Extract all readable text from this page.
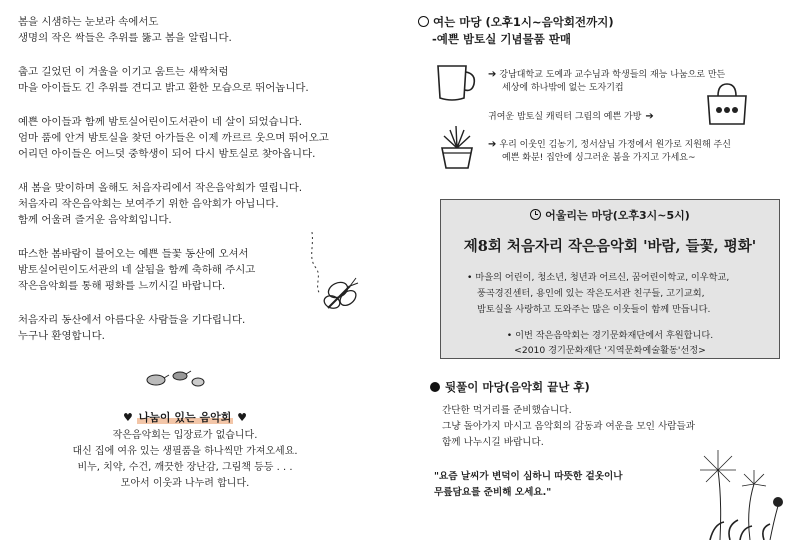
봄을 시샘하는 눈보라 속에서도
생명의 작은 싹들은 추위를 뚫고 봄을 알립니다.

춥고 길었던 이 겨울을 이기고 움트는 새싹처럼
마을 아이들도 긴 추위를 견디고 밝고 환한 모습으로 뛰어놉니다.

예쁜 아이들과 함께 밤토실어린이도서관이 네 살이 되었습니다.
엄마 품에 안겨 밤토실을 찾던 아가들은 이제 까르르 웃으며 뛰어오고
어리던 아이들은 어느덧 중학생이 되어 다시 밤토실로 찾아옵니다.

새 봄을 맞이하며 올해도 처음자리에서 작은음악회가 열립니다.
처음자리 작은음악회는 보여주기 위한 음악회가 아닙니다.
함께 어울려 즐거운 음악회입니다.

따스한 봄바람이 불어오는 예쁜 들꽃 동산에 오셔서
밤토실어린이도서관의 네 살됨을 함께 축하해 주시고
작은음악회를 통해 평화를 느끼시길 바랍니다.

처음자리 동산에서 아름다운 사람들을 기다립니다.
누구나 환영합니다.

♥ 나눔이 있는 음악회 ♥
작은음악회는 입장료가 없습니다.
대신 집에 여유 있는 생필품을 하나씩만 가져오세요.
비누, 치약, 수건, 깨끗한 장난감, 그림책 등등 . . .
모아서 이웃과 나누려 합니다.
여는 마당 (오후1시~음악회전까지)
-예쁜 밤토실 기념물품 판매
➔ 강남대학교 도예과 교수님과 학생들의 재능 나눔으로 만든
세상에 하나밖에 없는 도자기컵
귀여운 밤토실 캐릭터 그림의 예쁜 가방 ➔
➔ 우리 이웃인 김농기, 정서삼님 가정에서 원가로 지원해 주신
예쁜 화분! 집안에 싱그러운 봄을 가지고 가세요~
어울리는 마당(오후3시~5시)
제8회 처음자리 작은음악회 '바람, 들꽃, 평화'
• 마을의 어린이, 청소년, 청년과 어르신, 꿈어린이학교, 이우학교,
풍곡경진센터, 용인에 있는 작은도서관 친구들, 고기교회,
밤토실을 사랑하고 도와주는 많은 이웃들이 함께 만듭니다.
• 이번 작은음악회는 경기문화재단에서 후원합니다.
<2010 경기문화재단 '지역문화예술활동'선정>
뒷풀이 마당(음악회 끝난 후)
간단한 먹거리를 준비했습니다.
그냥 돌아가지 마시고 음악회의 감동과 여운을 모인 사람들과
함께 나누시길 바랍니다.
"요즘 날씨가 변덕이 심하니 따뜻한 겉옷이나
무릎담요를 준비해 오세요."
